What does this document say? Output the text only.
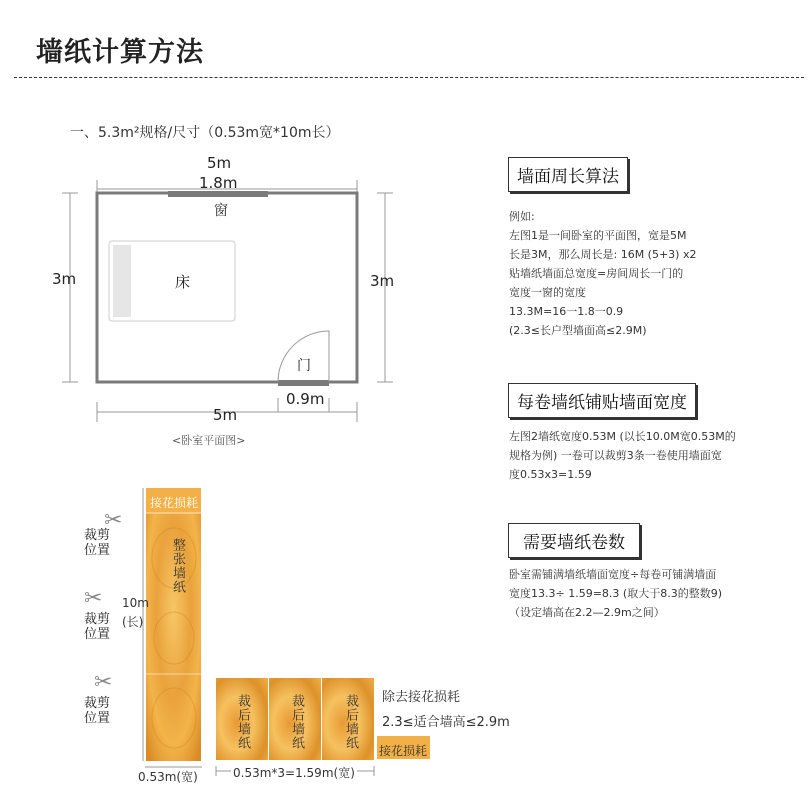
墙纸计算方法
一、5.3m²规格/尺寸（0.53m宽*10m长）
5m
1.8m
窗
3m	3m
床
门
0.9m
5m
<卧室平面图>
墙面周长算法
例如:
左图1是一间卧室的平面图，宽是5M
长是3M，那么周长是: 16M (5+3) x2
贴墙纸墙面总宽度=房间周长一门的
宽度一窗的宽度
13.3M=16一1.8一0.9
(2.3≤长户型墙面高≤2.9M)
每卷墙纸铺贴墙面宽度
左图2墙纸宽度0.53M (以长10.0M宽0.53M的
规格为例) 一卷可以裁剪3条一卷使用墙面宽
度0.53x3=1.59
需要墙纸卷数
卧室需铺满墙纸墙面宽度÷每卷可铺满墙面
宽度13.3÷ 1.59=8.3 (取大于8.3的整数9)
（设定墙高在2.2—2.9m之间）
接花损耗
整张墙纸
✂
裁剪位置
✂
裁剪位置
✂
裁剪位置
10m
(长)
0.53m(宽)
裁后墙纸	裁后墙纸	裁后墙纸
接花损耗
0.53m*3=1.59m(宽)
除去接花损耗
2.3≤适合墙高≤2.9m
